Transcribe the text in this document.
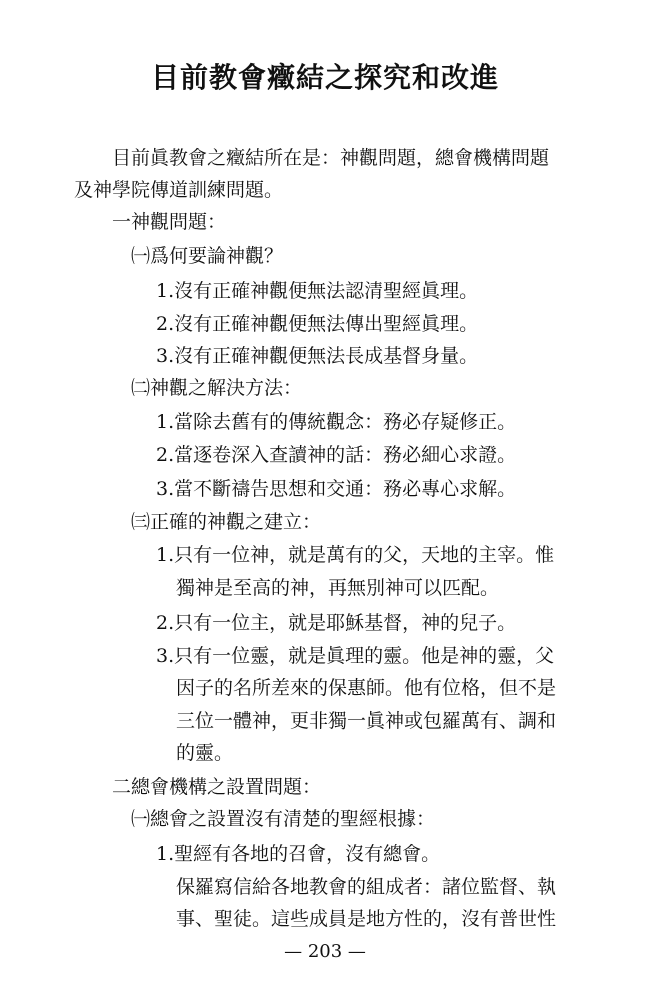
目前教會癥結之探究和改進
目前眞教會之癥結所在是：神觀問題，總會機構問題
及神學院傳道訓練問題。
一神觀問題：
㈠爲何要論神觀？
1.沒有正確神觀便無法認清聖經眞理。
2.沒有正確神觀便無法傳出聖經眞理。
3.沒有正確神觀便無法長成基督身量。
㈡神觀之解決方法：
1.當除去舊有的傳統觀念：務必存疑修正。
2.當逐卷深入查讀神的話：務必細心求證。
3.當不斷禱告思想和交通：務必專心求解。
㈢正確的神觀之建立：
1.只有一位神，就是萬有的父，天地的主宰。惟
獨神是至高的神，再無別神可以匹配。
2.只有一位主，就是耶穌基督，神的兒子。
3.只有一位靈，就是眞理的靈。他是神的靈，父
因子的名所差來的保惠師。他有位格，但不是
三位一體神，更非獨一眞神或包羅萬有、調和
的靈。
二總會機構之設置問題：
㈠總會之設置沒有清楚的聖經根據：
1.聖經有各地的召會，沒有總會。
保羅寫信給各地教會的組成者：諸位監督、執
事、聖徒。這些成員是地方性的，沒有普世性
— 203 —
